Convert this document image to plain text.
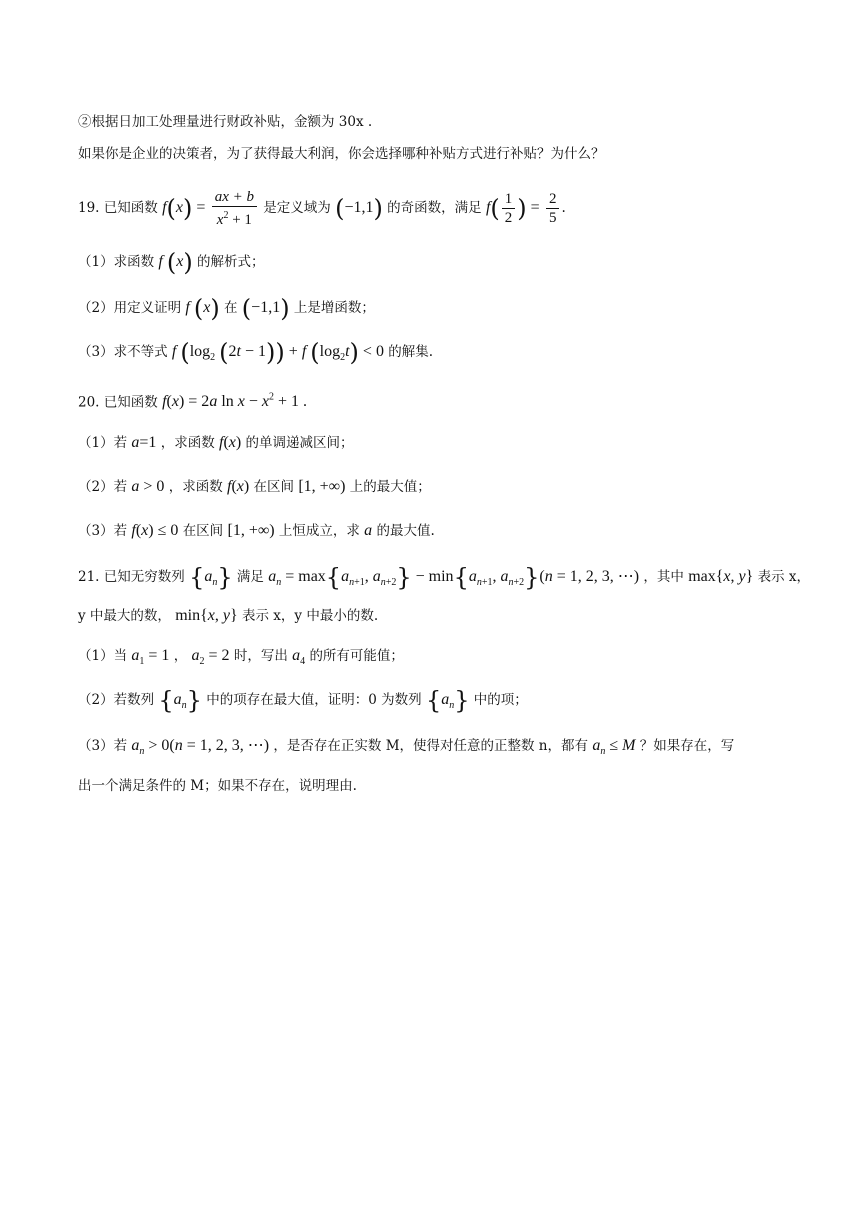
②根据日加工处理量进行财政补贴，金额为 30x .
如果你是企业的决策者，为了获得最大利润，你会选择哪种补贴方式进行补贴？为什么？
19. 已知函数 $f(x) = \frac{ax + b}{x^2 + 1}$ 是定义域为 (−1,1) 的奇函数，满足 $f( \frac{1}{2}$ ) = $\frac{2}{5}$ .
（1）求函数 f (x) 的解析式；
（2）用定义证明 f (x) 在 (−1,1) 上是增函数；
（3）求不等式 f ($\log_2$ (2t − 1)) + f $(\log_2t) < 0$ 的解集.
20. 已知函数 f(x) = 2a $\ln x - x^2 + 1$ .
（1）若 a=1 ，求函数 f(x) 的单调递减区间；
（2）若 a > 0 ，求函数 f(x) 在区间 [1, +∞) 上的最大值；
（3）若 f(x) ≤ 0 在区间 [1, +∞) 上恒成立，求 a 的最大值.
21. 已知无穷数列 $\{a_n\}$ 满足 $a_n = \max\{a_{n+1}$, $a_{n+2}\} - \min\{a_{n+1}$, $a_{n+2}\}(n = 1$, 2, 3, ⋯) ，其中 max{x, y} 表示 x，
y 中最大的数， min{x, y} 表示 x，y 中最小的数.
（1）当 $a_1 = 1$ ， $a_2 = 2$ 时，写出 $a_4$ 的所有可能值；
（2）若数列 $\{a_n\}$ 中的项存在最大值，证明：0 为数列 $\{a_n\}$ 中的项；
（3）若 $a_n > 0(n = 1$, 2, 3, ⋯) ，是否存在正实数 M，使得对任意的正整数 n，都有 $a_n \le M$ ？如果存在，写
出一个满足条件的 M；如果不存在，说明理由.
